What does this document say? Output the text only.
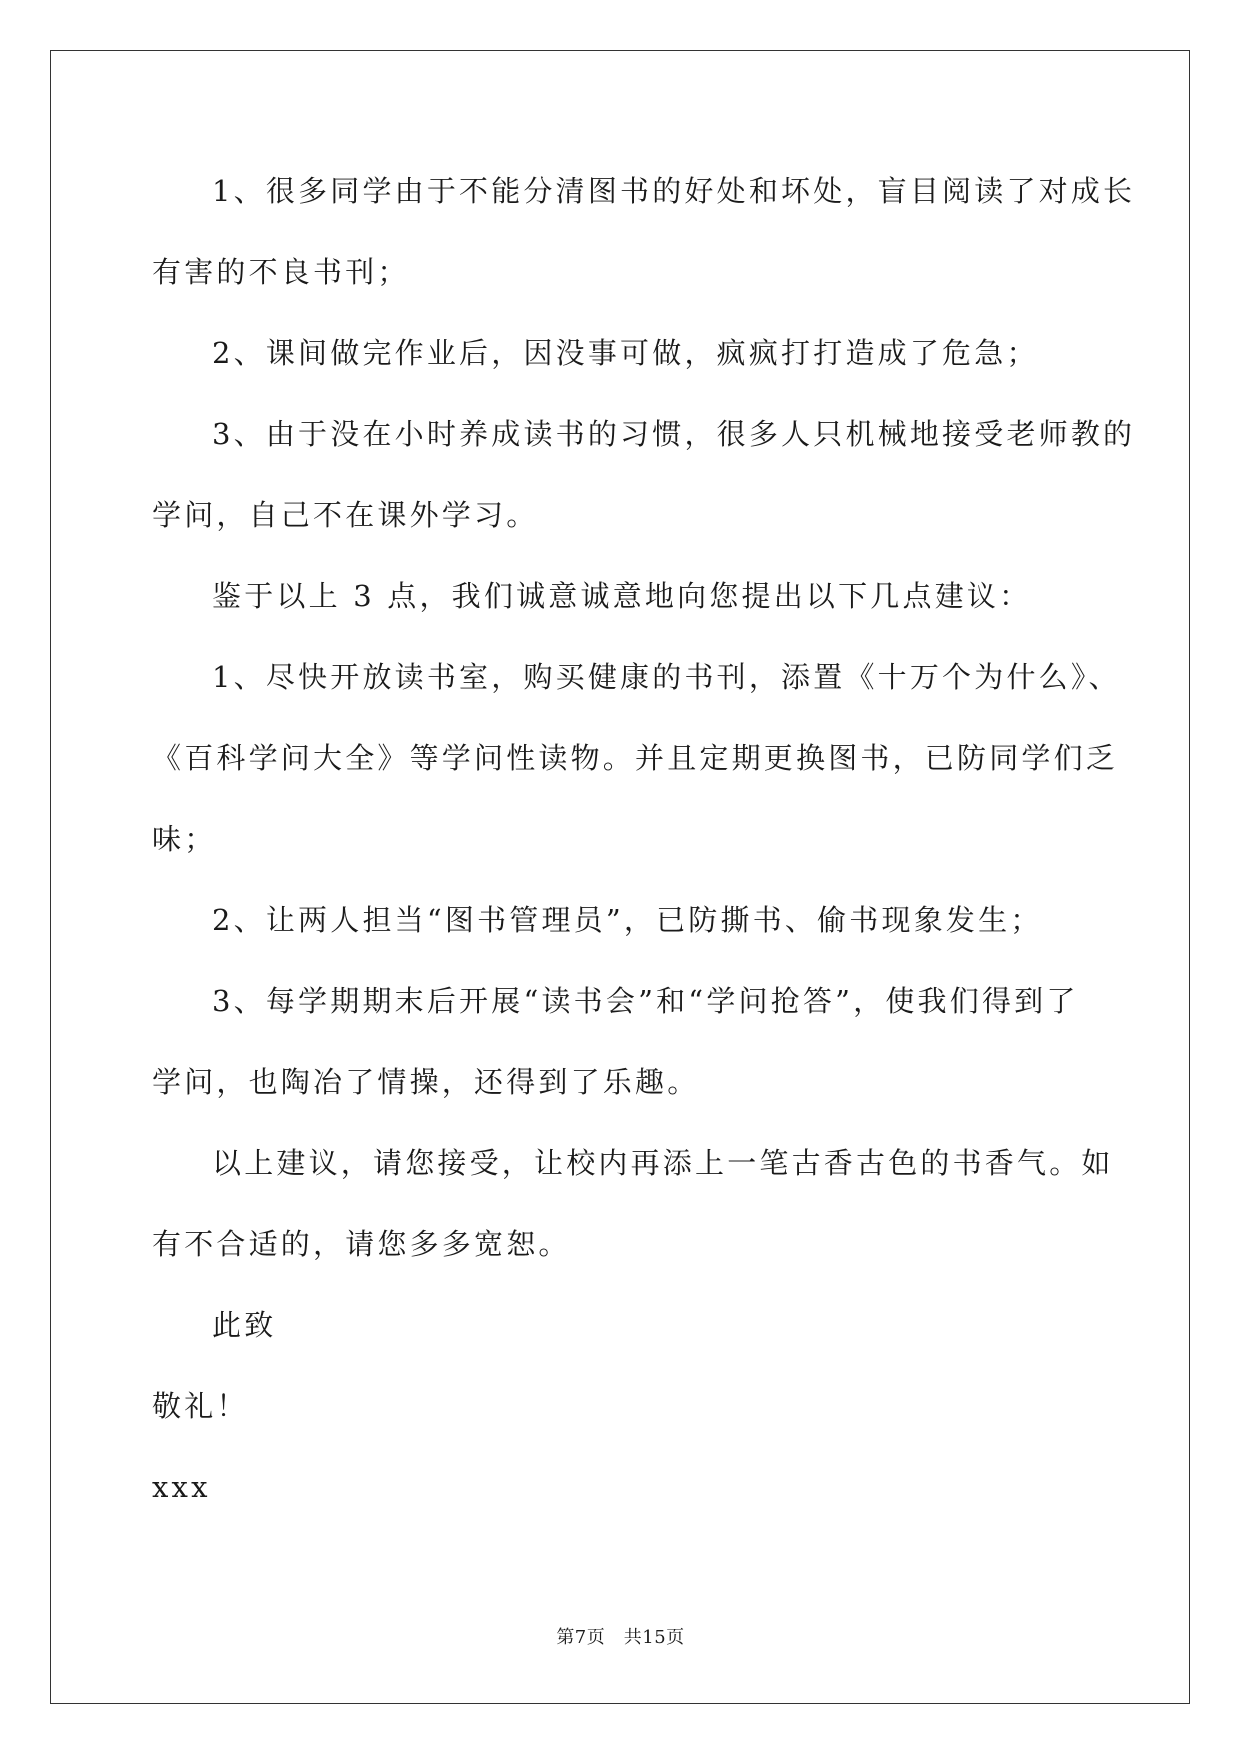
1、很多同学由于不能分清图书的好处和坏处，盲目阅读了对成长
有害的不良书刊；
2、课间做完作业后，因没事可做，疯疯打打造成了危急；
3、由于没在小时养成读书的习惯，很多人只机械地接受老师教的
学问，自己不在课外学习。
鉴于以上 3 点，我们诚意诚意地向您提出以下几点建议：
1、尽快开放读书室，购买健康的书刊，添置《十万个为什么》、
《百科学问大全》等学问性读物。并且定期更换图书，已防同学们乏
味；
2、让两人担当“图书管理员”，已防撕书、偷书现象发生；
3、每学期期末后开展“读书会”和“学问抢答”，使我们得到了
学问，也陶冶了情操，还得到了乐趣。
以上建议，请您接受，让校内再添上一笔古香古色的书香气。如
有不合适的，请您多多宽恕。
此致
敬礼！
xxx
第7页　共15页
